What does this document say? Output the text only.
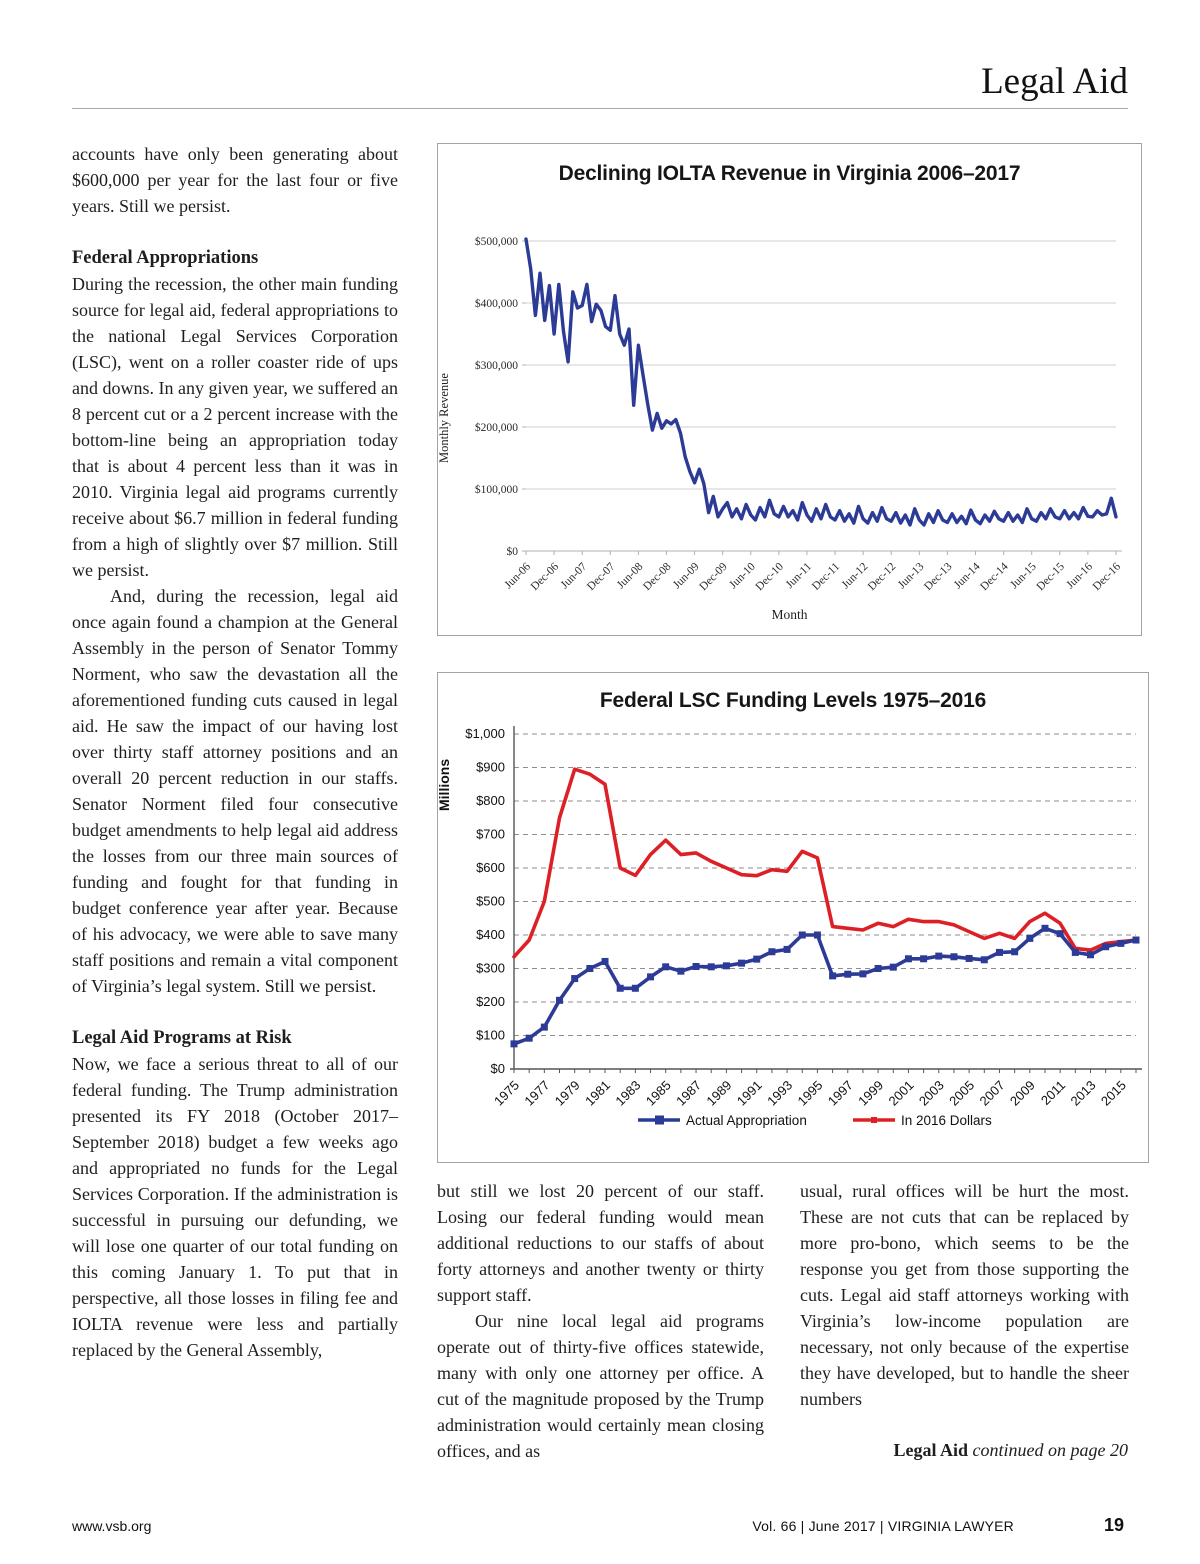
Legal Aid

accounts have only been generating about $600,000 per year for the last four or five years. Still we persist.

Federal Appropriations

During the recession, the other main funding source for legal aid, federal appropriations to the national Legal Services Corporation (LSC), went on a roller coaster ride of ups and downs. In any given year, we suffered an 8 percent cut or a 2 percent increase with the bottom-line being an appropriation today that is about 4 percent less than it was in 2010. Virginia legal aid programs currently receive about $6.7 million in federal funding from a high of slightly over $7 million. Still we persist.

And, during the recession, legal aid once again found a champion at the General Assembly in the person of Senator Tommy Norment, who saw the devastation all the aforementioned funding cuts caused in legal aid. He saw the impact of our having lost over thirty staff attorney positions and an overall 20 percent reduction in our staffs. Senator Norment filed four consecutive budget amendments to help legal aid address the losses from our three main sources of funding and fought for that funding in budget conference year after year. Because of his advocacy, we were able to save many staff positions and remain a vital component of Virginia’s legal system. Still we persist.

Legal Aid Programs at Risk

Now, we face a serious threat to all of our federal funding. The Trump administration presented its FY 2018 (October 2017–September 2018) budget a few weeks ago and appropriated no funds for the Legal Services Corporation. If the administration is successful in pursuing our defunding, we will lose one quarter of our total funding on this coming January 1. To put that in perspective, all those losses in filing fee and IOLTA revenue were less and partially replaced by the General Assembly,

Declining IOLTA Revenue in Virginia 2006–2017
Monthly Revenue
$0
$100,000
$200,000
$300,000
$400,000
$500,000
Jun-06
Dec-06
Jun-07
Dec-07
Jun-08
Dec-08
Jun-09
Dec-09
Jun-10
Dec-10
Jun-11
Dec-11
Jun-12
Dec-12
Jun-13
Dec-13
Jun-14
Dec-14
Jun-15
Dec-15
Jun-16
Dec-16
Month
Federal LSC Funding Levels 1975–2016
Millions
$0
$100
$200
$300
$400
$500
$600
$700
$800
$900
$1,000
1975 1977 1979 1981 1983 1985 1987 1989 1991 1993 1995 1997 1999 2001 2003 2005 2007 2009 2011 2013 2015
Actual Appropriation	In 2016 Dollars

but still we lost 20 percent of our staff. Losing our federal funding would mean additional reductions to our staffs of about forty attorneys and another twenty or thirty support staff.

Our nine local legal aid programs operate out of thirty-five offices statewide, many with only one attorney per office. A cut of the magnitude proposed by the Trump administration would certainly mean closing offices, and as

usual, rural offices will be hurt the most. These are not cuts that can be replaced by more pro-bono, which seems to be the response you get from those supporting the cuts. Legal aid staff attorneys working with Virginia’s low-income population are necessary, not only because of the expertise they have developed, but to handle the sheer numbers

Legal Aid continued on page 20
www.vsb.org	Vol. 66 | June 2017 | VIRGINIA LAWYER	19
